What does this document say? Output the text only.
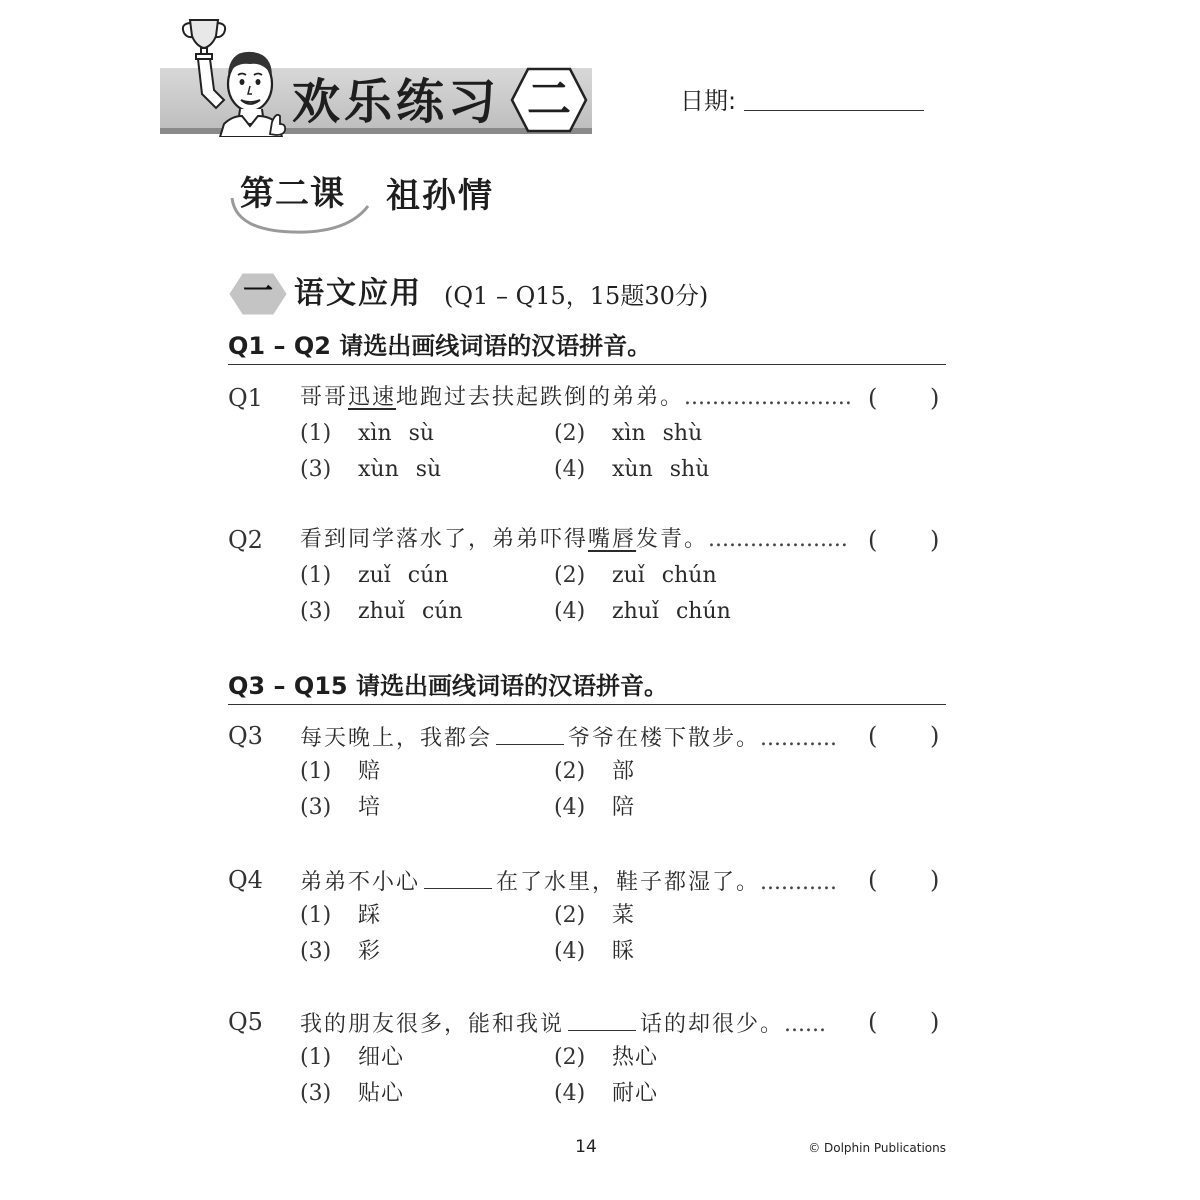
欢乐练习 二	日期:
第二课 祖孙情
一 语文应用 (Q1 – Q15，15题30分)
Q1 – Q2 请选出画线词语的汉语拼音。
Q1 哥哥迅速地跑过去扶起跌倒的弟弟。........................ ( )
(1) xìn sù	(2) xìn shù
(3) xùn sù	(4) xùn shù
Q2 看到同学落水了，弟弟吓得嘴唇发青。.................... ( )
(1) zuǐ cún	(2) zuǐ chún
(3) zhuǐ cún	(4) zhuǐ chún
Q3 – Q15 请选出画线词语的汉语拼音。
Q3 每天晚上，我都会	爷爷在楼下散步。........... ( )
(1) 赔	(2) 部
(3) 培	(4) 陪
Q4 弟弟不小心	在了水里，鞋子都湿了。........... ( )
(1) 踩	(2) 菜
(3) 彩	(4) 睬
Q5 我的朋友很多，能和我说	话的却很少。...... ( )
(1) 细心	(2) 热心
(3) 贴心	(4) 耐心
14	© Dolphin Publications
